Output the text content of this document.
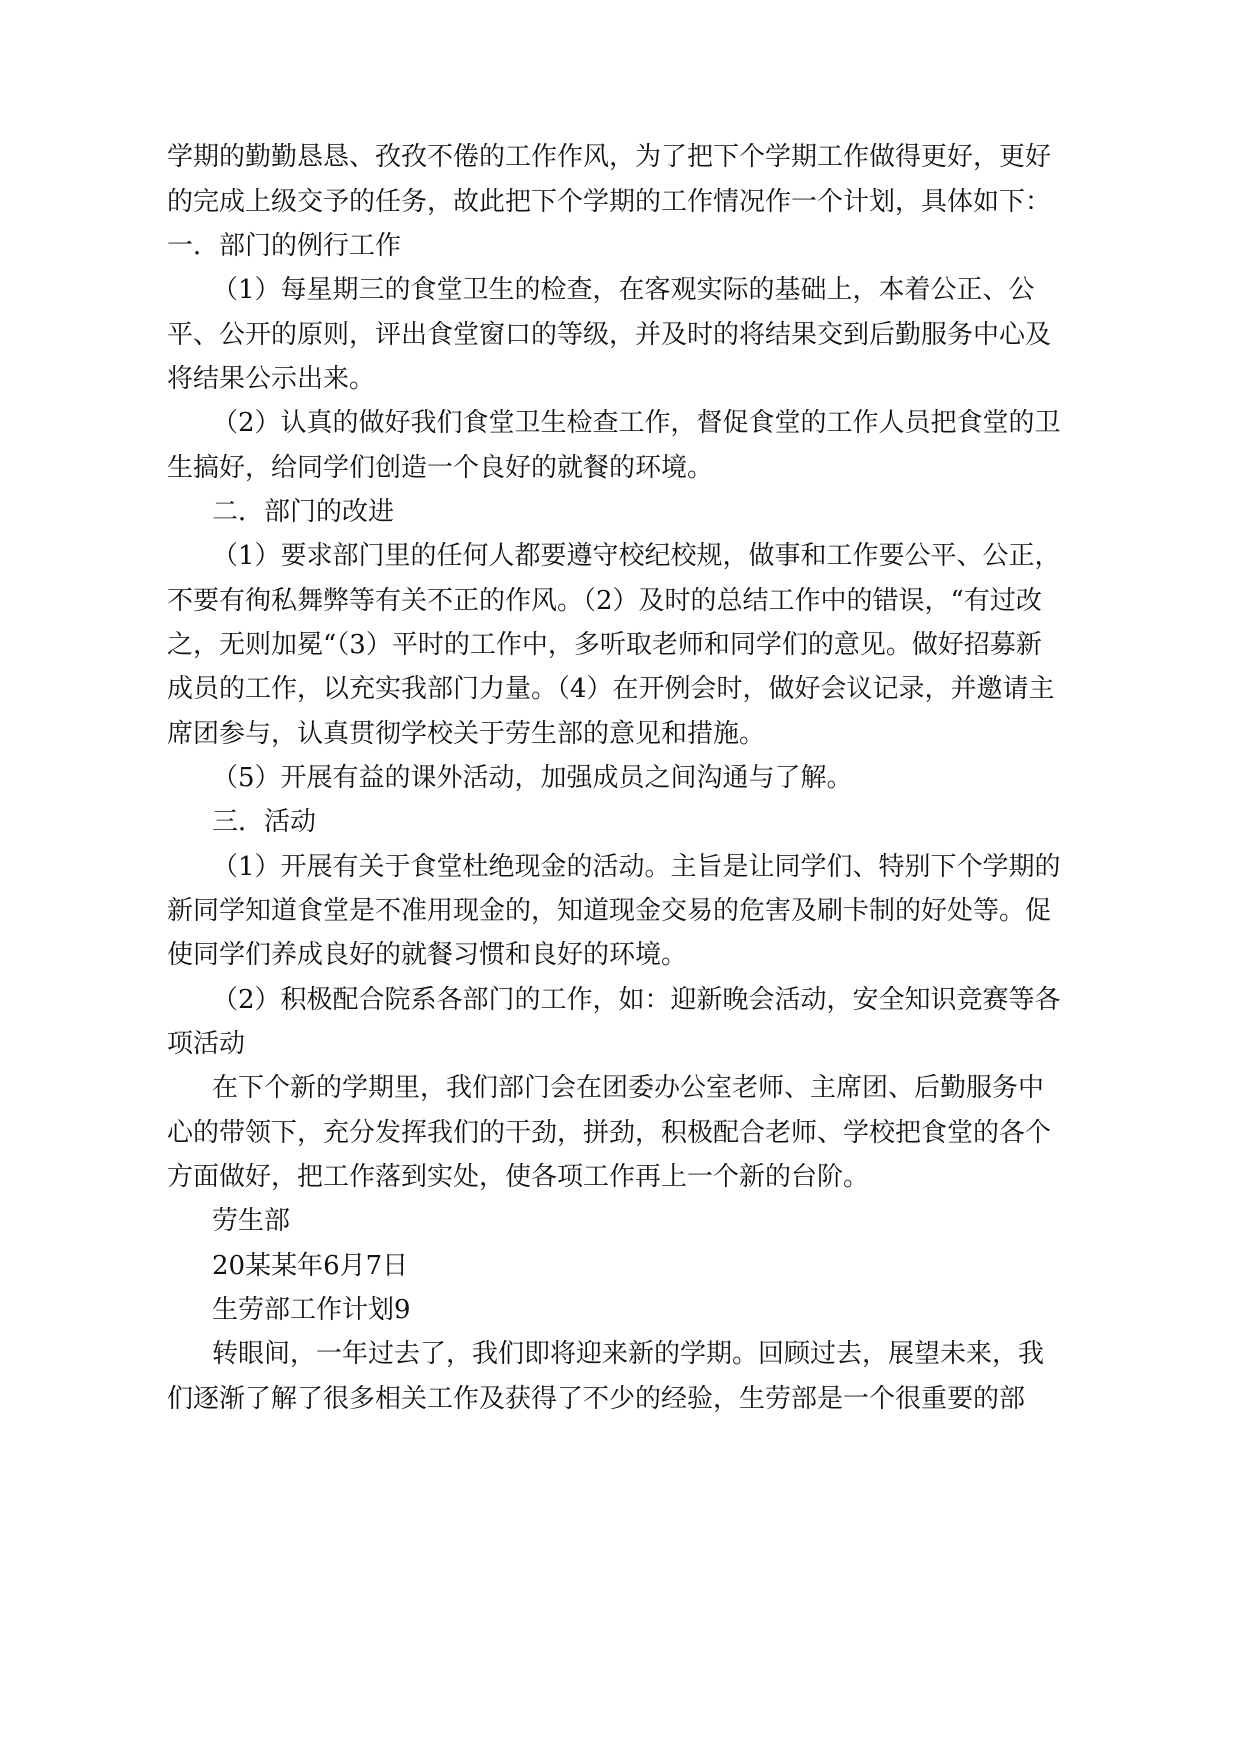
学期的勤勤恳恳、孜孜不倦的工作作风，为了把下个学期工作做得更好，更好
的完成上级交予的任务，故此把下个学期的工作情况作一个计划，具体如下：
一．部门的例行工作
（1）每星期三的食堂卫生的检查，在客观实际的基础上，本着公正、公
平、公开的原则，评出食堂窗口的等级，并及时的将结果交到后勤服务中心及
将结果公示出来。
（2）认真的做好我们食堂卫生检查工作，督促食堂的工作人员把食堂的卫
生搞好，给同学们创造一个良好的就餐的环境。
二．部门的改进
（1）要求部门里的任何人都要遵守校纪校规，做事和工作要公平、公正，
不要有徇私舞弊等有关不正的作风。（2）及时的总结工作中的错误，“有过改
之，无则加冕“（3）平时的工作中，多听取老师和同学们的意见。做好招募新
成员的工作，以充实我部门力量。（4）在开例会时，做好会议记录，并邀请主
席团参与，认真贯彻学校关于劳生部的意见和措施。
（5）开展有益的课外活动，加强成员之间沟通与了解。
三．活动
（1）开展有关于食堂杜绝现金的活动。主旨是让同学们、特别下个学期的
新同学知道食堂是不准用现金的，知道现金交易的危害及刷卡制的好处等。促
使同学们养成良好的就餐习惯和良好的环境。
（2）积极配合院系各部门的工作，如：迎新晚会活动，安全知识竞赛等各
项活动
在下个新的学期里，我们部门会在团委办公室老师、主席团、后勤服务中
心的带领下，充分发挥我们的干劲，拼劲，积极配合老师、学校把食堂的各个
方面做好，把工作落到实处，使各项工作再上一个新的台阶。
劳生部
20某某年6月7日
生劳部工作计划9
转眼间，一年过去了，我们即将迎来新的学期。回顾过去，展望未来，我
们逐渐了解了很多相关工作及获得了不少的经验，生劳部是一个很重要的部
